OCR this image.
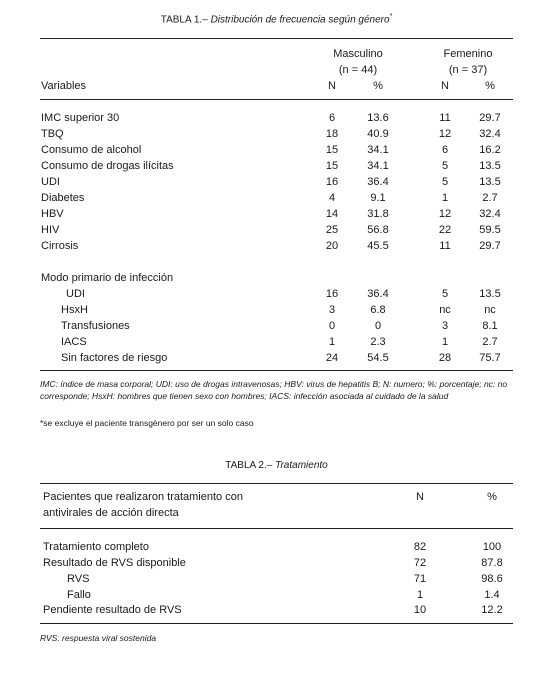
TABLA 1.– Distribución de frecuencia según género*
Masculino
(n = 44)
Femenino
(n = 37)
Variables	N	%	N	%
IMC superior 30	6	13.6	11	29.7
TBQ	18	40.9	12	32.4
Consumo de alcohol	15	34.1	6	16.2
Consumo de drogas ilícitas	15	34.1	5	13.5
UDI	16	36.4	5	13.5
Diabetes	4	9.1	1	2.7
HBV	14	31.8	12	32.4
HIV	25	56.8	22	59.5
Cirrosis	20	45.5	11	29.7
Modo primario de infección
UDI	16	36.4	5	13.5
HsxH	3	6.8	nc	nc
Transfusiones	0	0	3	8.1
IACS	1	2.3	1	2.7
Sin factores de riesgo	24	54.5	28	75.7
IMC: índice de masa corporal; UDI: uso de drogas intravenosas; HBV: virus de hepatitis B; N: numero; %: porcentaje; nc: no corresponde; HsxH: hombres que tienen sexo con hombres; IACS: infección asociada al cuidado de la salud
*se excluye el paciente transgènero por ser un solo caso
TABLA 2.– Tratamiento
Pacientes que realizaron tratamiento con
antivirales de acción directa
N	%
Tratamiento completo	82	100
Resultado de RVS disponible	72	87.8
RVS	71	98.6
Fallo	1	1.4
Pendiente resultado de RVS	10	12.2
RVS: respuesta viral sostenida
